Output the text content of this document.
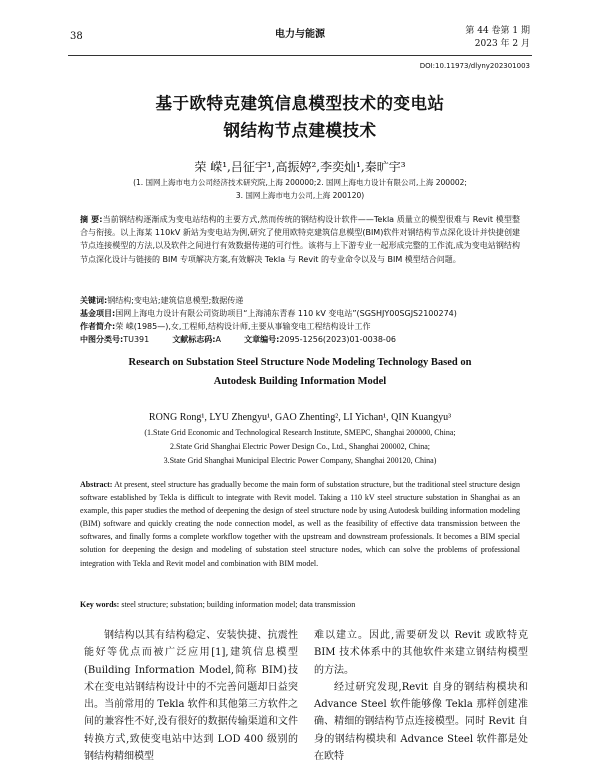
38	电力与能源	第 44 卷第 1 期
2023 年 2 月
DOI:10.11973/dlyny202301003
基于欧特克建筑信息模型技术的变电站
钢结构节点建模技术
荣 嵘¹,吕征宇¹,高振婷²,李奕灿¹,秦旷宇³
(1. 国网上海市电力公司经济技术研究院,上海 200000;2. 国网上海电力设计有限公司,上海 200002;
3. 国网上海市电力公司,上海 200120)
摘 要:当前钢结构逐渐成为变电站结构的主要方式,然而传统的钢结构设计软件——Tekla 质量立的模型很难与 Revit 模型整合与衔接。以上海某 110kV 新站为变电站为例,研究了使用欧特克建筑信息模型(BIM)软件对钢结构节点深化设计并快捷创建节点连接模型的方法,以及软件之间进行有效数据传递的可行性。该将与上下游专业一起形成完整的工作流,成为变电站钢结构节点深化设计与链接的 BIM 专项解决方案,有效解决 Tekla 与 Revit 的专业命令以及与 BIM 模型结合问题。
关键词:钢结构;变电站;建筑信息模型;数据传递
基金项目:国网上海电力设计有限公司资助项目“上海浦东青春 110 kV 变电站”(SGSHJY00SGJS2100274)
作者简介:荣 嵘(1985—),女,工程师,结构设计师,主要从事输变电工程结构设计工作
中图分类号:TU391	文献标志码:A	文章编号:2095-1256(2023)01-0038-06
Research on Substation Steel Structure Node Modeling Technology Based on
Autodesk Building Information Model
RONG Rong¹, LYU Zhengyu¹, GAO Zhenting², LI Yichan¹, QIN Kuangyu³
(1.State Grid Economic and Technological Research Institute, SMEPC, Shanghai 200000, China;
2.State Grid Shanghai Electric Power Design Co., Ltd., Shanghai 200002, China;
3.State Grid Shanghai Municipal Electric Power Company, Shanghai 200120, China)
Abstract: At present, steel structure has gradually become the main form of substation structure, but the traditional steel structure design software established by Tekla is difficult to integrate with Revit model. Taking a 110 kV steel structure substation in Shanghai as an example, this paper studies the method of deepening the design of steel structure node by using Autodesk building information modeling (BIM) software and quickly creating the node connection model, as well as the feasibility of effective data transmission between the softwares, and finally forms a complete workflow together with the upstream and downstream professionals. It becomes a BIM special solution for deepening the design and modeling of substation steel structure nodes, which can solve the problems of professional integration with Tekla and Revit model and combination with BIM model.
Key words: steel structure; substation; building information model; data transmission

钢结构以其有结构稳定、安装快捷、抗震性能好等优点而被广泛应用[1],建筑信息模型(Building Information Model,简称 BIM)技术在变电站钢结构设计中的不完善问题却日益突出。当前常用的 Tekla 软件和其他第三方软件之间的兼容性不好,没有很好的数据传输渠道和文件转换方式,致使变电站中达到 LOD 400 级别的钢结构精细模型

难以建立。因此,需要研发以 Revit 或欧特克 BIM 技术体系中的其他软件来建立钢结构模型的方法。

经过研究发现,Revit 自身的钢结构模块和 Advance Steel 软件能够像 Tekla 那样创建准确、精细的钢结构节点连接模型。同时 Revit 自身的钢结构模块和 Advance Steel 软件都是处在欧特
